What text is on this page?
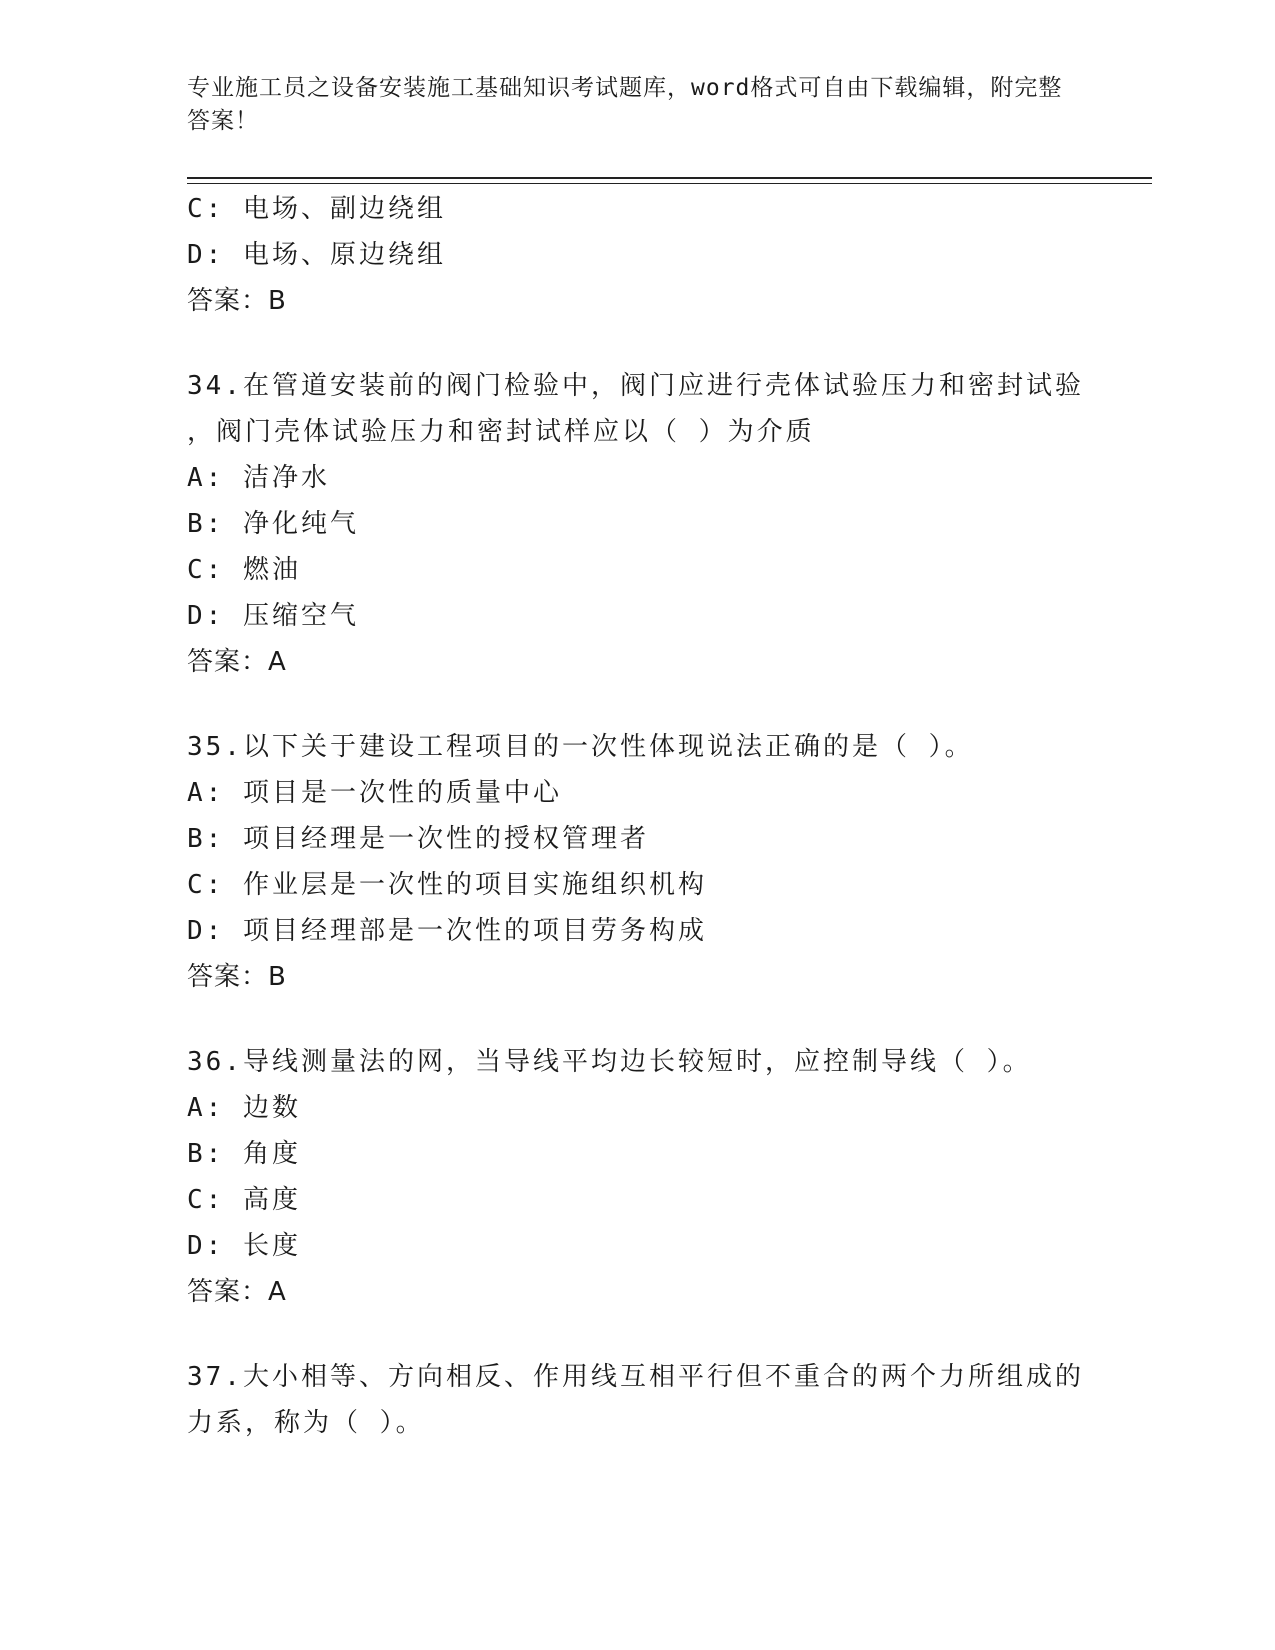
专业施工员之设备安装施工基础知识考试题库，word格式可自由下载编辑，附完整答案！
C: 电场、副边绕组
D: 电场、原边绕组
答案：B
34.在管道安装前的阀门检验中，阀门应进行壳体试验压力和密封试验
，阀门壳体试验压力和密封试样应以（ ）为介质
A: 洁净水
B: 净化纯气
C: 燃油
D: 压缩空气
答案：A
35.以下关于建设工程项目的一次性体现说法正确的是（ ）。
A: 项目是一次性的质量中心
B: 项目经理是一次性的授权管理者
C: 作业层是一次性的项目实施组织机构
D: 项目经理部是一次性的项目劳务构成
答案：B
36.导线测量法的网，当导线平均边长较短时，应控制导线（ ）。
A: 边数
B: 角度
C: 高度
D: 长度
答案：A
37.大小相等、方向相反、作用线互相平行但不重合的两个力所组成的
力系，称为（ ）。
